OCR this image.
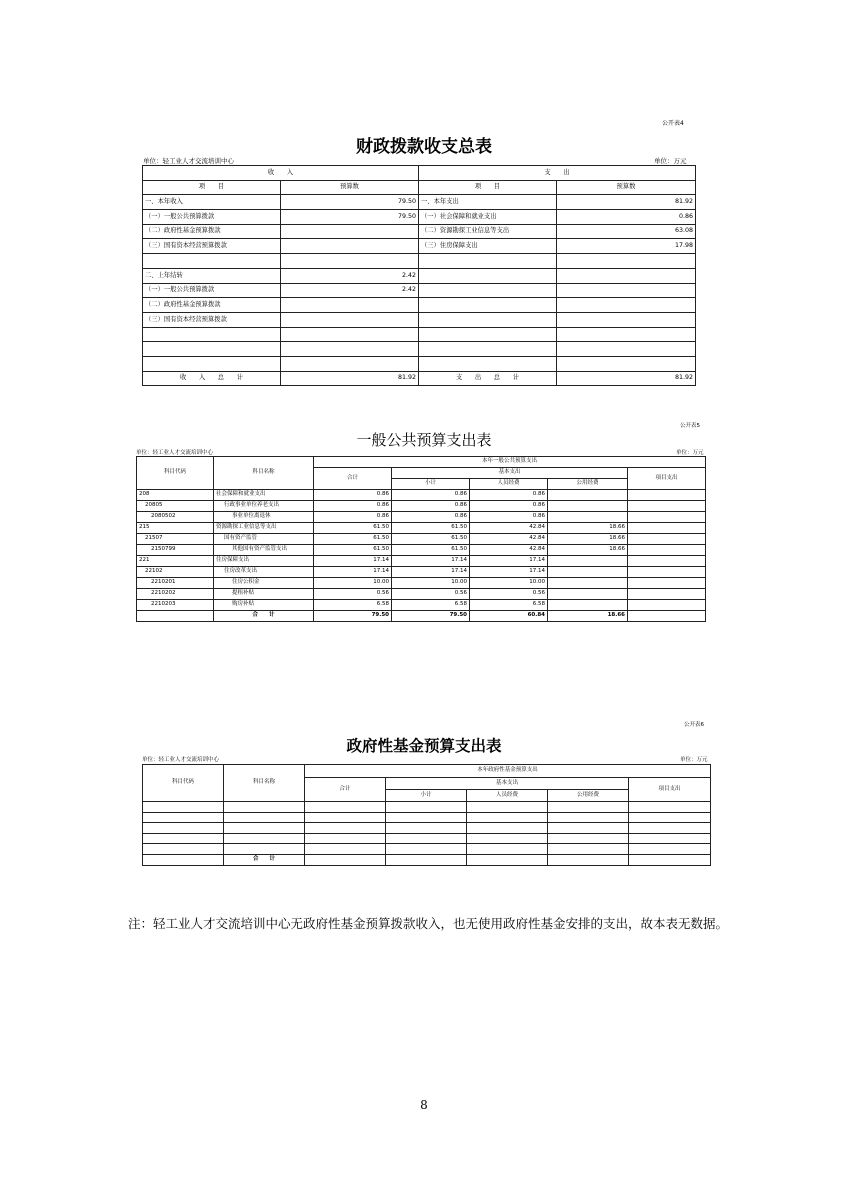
公开表4
财政拨款收支总表
单位：轻工业人才交流培训中心	单位：万元
收　　入		支　　出	
项　　目	预算数	项　　目	预算数
一、本年收入	79.50	一、本年支出	81.92
（一）一般公共预算拨款	79.50	（一）社会保障和就业支出	0.86
（二）政府性基金预算拨款		（二）资源勘探工业信息等支出	63.08
（三）国有资本经营预算拨款		（三）住房保障支出	17.98

二、上年结转	2.42		
（一）一般公共预算拨款	2.42		
（二）政府性基金预算拨款			
（三）国有资本经营预算拨款			

收　　入　　总　　计	81.92	支　　出　　总　　计	81.92
公开表5
一般公共预算支出表
单位：轻工业人才交流培训中心	单位：万元
科目代码	科目名称	本年一般公共预算支出				
		合计	基本支出			项目支出
			小计	人员经费	公用经费	
208	社会保障和就业支出	0.86	0.86	0.86		
20805	行政事业单位养老支出	0.86	0.86	0.86		
2080502	事业单位离退休	0.86	0.86	0.86		
215	资源勘探工业信息等支出	61.50	61.50	42.84	18.66	
21507	国有资产监管	61.50	61.50	42.84	18.66	
2150799	其他国有资产监管支出	61.50	61.50	42.84	18.66	
221	住房保障支出	17.14	17.14	17.14		
22102	住房改革支出	17.14	17.14	17.14		
2210201	住房公积金	10.00	10.00	10.00		
2210202	提租补贴	0.56	0.56	0.56		
2210203	购房补贴	6.58	6.58	6.58		
	合　　计	79.50	79.50	60.84	18.66	
公开表6
政府性基金预算支出表
单位：轻工业人才交流培训中心	单位：万元
科目代码	科目名称	本年政府性基金预算支出				
		合计	基本支出			项目支出
			小计	人员经费	公用经费	

	合　　计					
注：轻工业人才交流培训中心无政府性基金预算拨款收入，也无使用政府性基金安排的支出，故本表无数据。
8
